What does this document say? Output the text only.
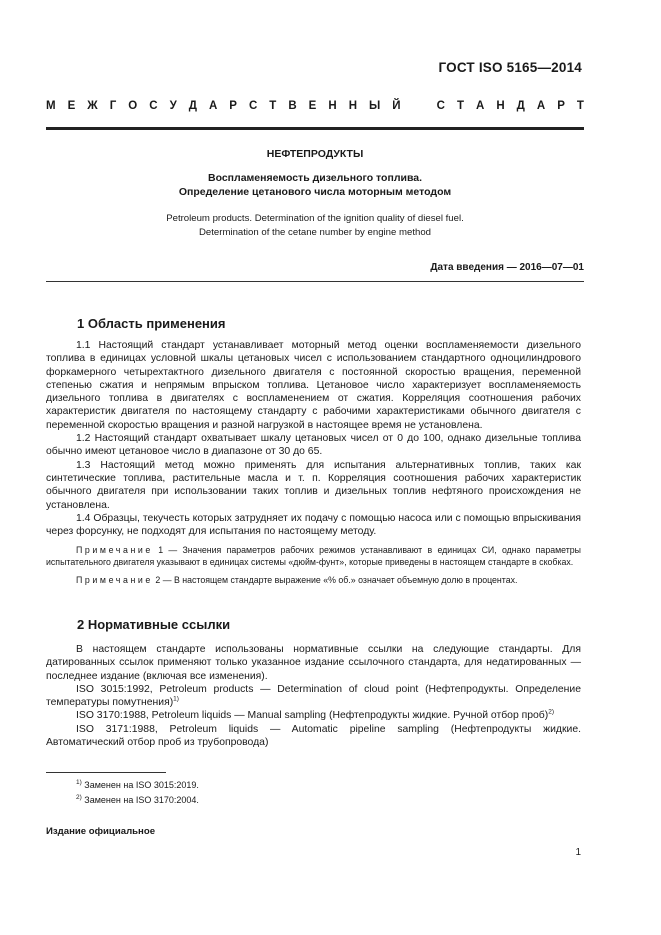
ГОСТ ISO 5165—2014
М Е Ж Г О С У Д А Р С Т В Е Н Н Ы Й	С Т А Н Д А Р Т
НЕФТЕПРОДУКТЫ
Воспламеняемость дизельного топлива.
Определение цетанового числа моторным методом
Petroleum products. Determination of the ignition quality of diesel fuel.
Determination of the cetane number by engine method
Дата введения — 2016—07—01
1 Область применения

1.1 Настоящий стандарт устанавливает моторный метод оценки воспламеняемости дизельного топлива в единицах условной шкалы цетановых чисел с использованием стандартного одноцилиндрового форкамерного четырехтактного дизельного двигателя с постоянной скоростью вращения, переменной степенью сжатия и непрямым впрыском топлива. Цетановое число характеризует воспламеняемость дизельного топлива в двигателях с воспламенением от сжатия. Корреляция соотношения рабочих характеристик двигателя по настоящему стандарту с рабочими характеристиками обычного двигателя с переменной скоростью вращения и разной нагрузкой в настоящее время не установлена.

1.2 Настоящий стандарт охватывает шкалу цетановых чисел от 0 до 100, однако дизельные топлива обычно имеют цетановое число в диапазоне от 30 до 65.

1.3 Настоящий метод можно применять для испытания альтернативных топлив, таких как синтетические топлива, растительные масла и т. п. Корреляция соотношения рабочих характеристик обычного двигателя при использовании таких топлив и дизельных топлив нефтяного происхождения не установлена.

1.4 Образцы, текучесть которых затрудняет их подачу с помощью насоса или с помощью впрыскивания через форсунку, не подходят для испытания по настоящему методу.

Примечание 1 — Значения параметров рабочих режимов устанавливают в единицах СИ, однако параметры испытательного двигателя указывают в единицах системы «дюйм-фунт», которые приведены в настоящем стандарте в скобках.

Примечание 2 — В настоящем стандарте выражение «% об.» означает объемную долю в процентах.

2 Нормативные ссылки

В настоящем стандарте использованы нормативные ссылки на следующие стандарты. Для датированных ссылок применяют только указанное издание ссылочного стандарта, для недатированных — последнее издание (включая все изменения).

ISO 3015:1992, Petroleum products — Determination of cloud point (Нефтепродукты. Определение температуры помутнения)$^{1)}$

ISO 3170:1988, Petroleum liquids — Manual sampling (Нефтепродукты жидкие. Ручной отбор проб)$^{2)}$

ISO 3171:1988, Petroleum liquids — Automatic pipeline sampling (Нефтепродукты жидкие. Автоматический отбор проб из трубопровода)

$^{1)}$ Заменен на ISO 3015:2019.
$^{2)}$ Заменен на ISO 3170:2004.
Издание официальное
1
